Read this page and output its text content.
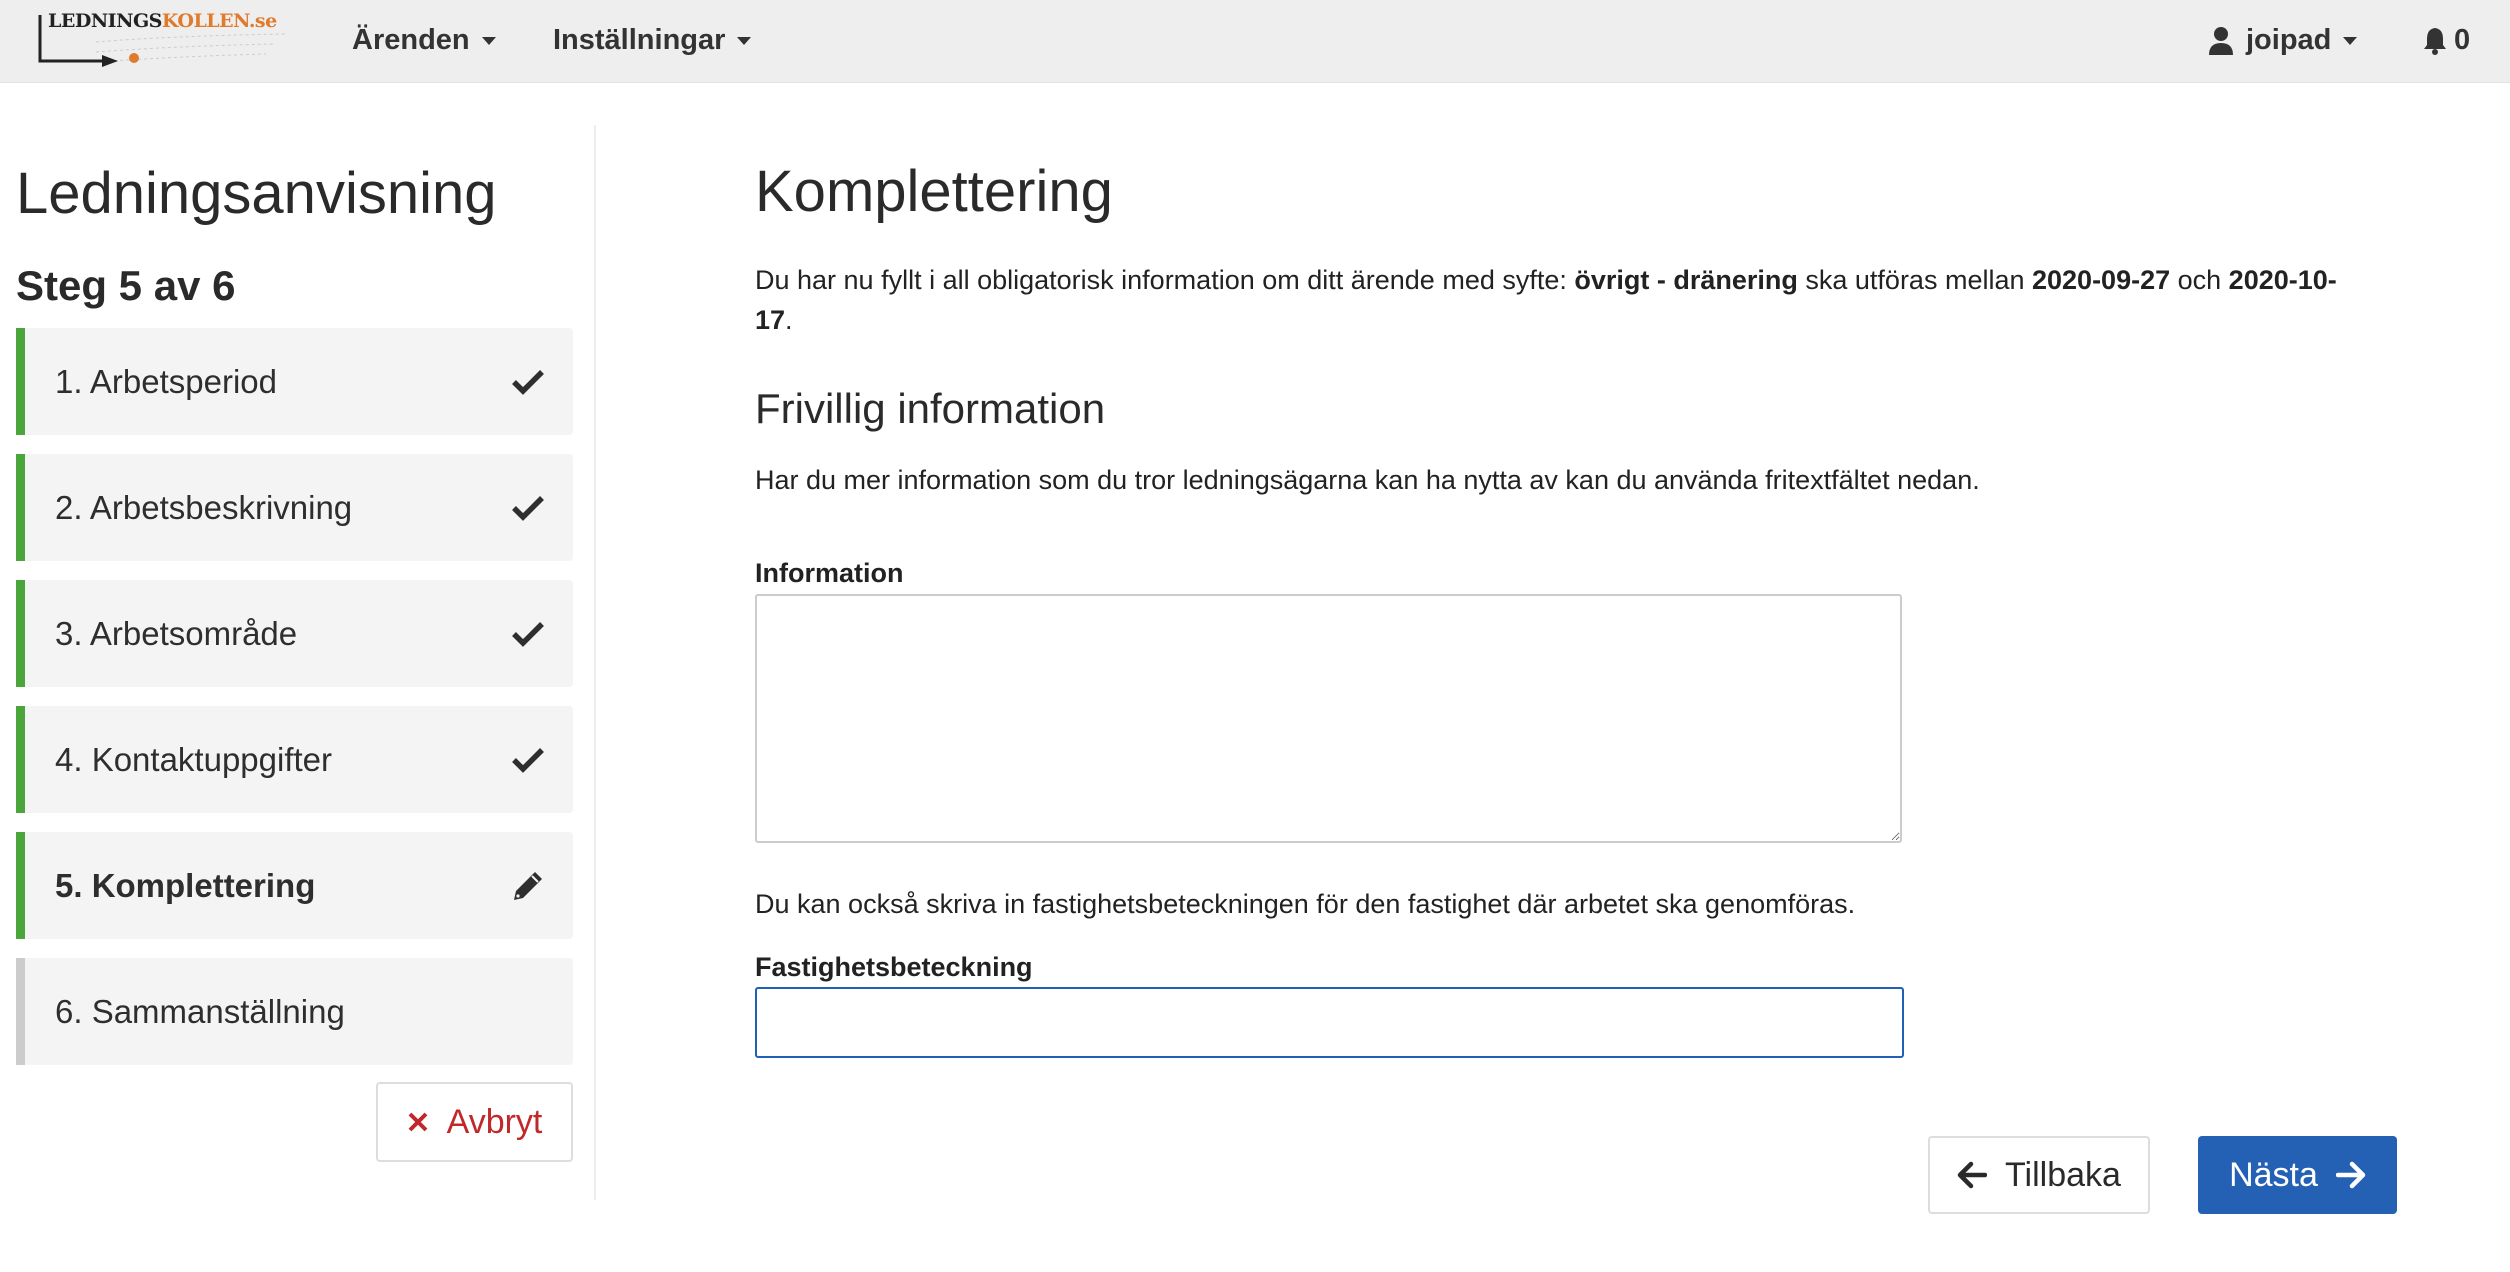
LEDNINGSKOLLEN.se
Ärenden	Inställningar	joipad	0
Ledningsanvisning
Steg 5 av 6
1. Arbetsperiod
2. Arbetsbeskrivning
3. Arbetsområde
4. Kontaktuppgifter
5. Komplettering
6. Sammanställning
Avbryt
Komplettering
Du har nu fyllt i all obligatorisk information om ditt ärende med syfte: övrigt - dränering ska utföras mellan 2020-09-27 och 2020-10-17.
Frivillig information
Har du mer information som du tror ledningsägarna kan ha nytta av kan du använda fritextfältet nedan.
Information
Du kan också skriva in fastighetsbeteckningen för den fastighet där arbetet ska genomföras.
Fastighetsbeteckning
Tillbaka	Nästa
